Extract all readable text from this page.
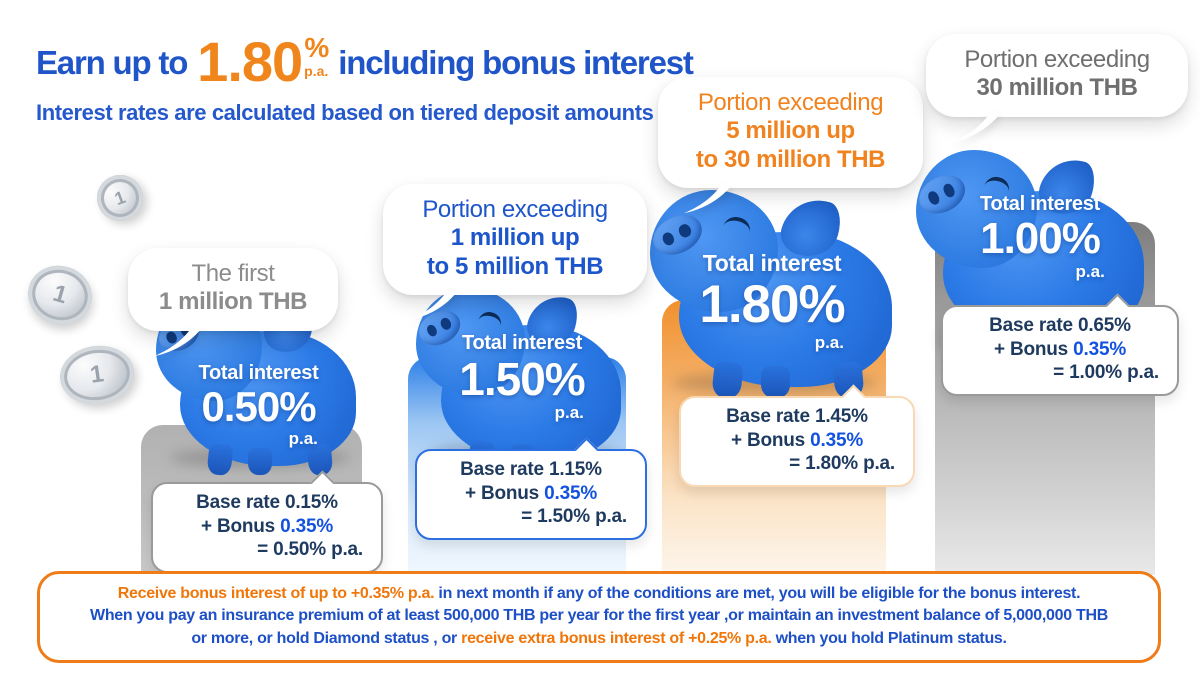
Earn up to 1.80 %
p.a. including bonus interest
Interest rates are calculated based on tiered deposit amounts
1
1
1	Total interest
0.50%
p.a.
The first
1 million THB
Base rate 0.15%
+ Bonus 0.35%
= 0.50% p.a.
Total interest
1.50%
p.a.
Portion exceeding
1 million up
to 5 million THB
Base rate 1.15%
+ Bonus 0.35%
= 1.50% p.a.
Total interest
1.80%
p.a.
Portion exceeding
5 million up
to 30 million THB
Base rate 1.45%
+ Bonus 0.35%
= 1.80% p.a.
Total interest
1.00%
p.a.
Portion exceeding
30 million THB
Base rate 0.65%
+ Bonus 0.35%
= 1.00% p.a.
Receive bonus interest of up to +0.35% p.a. in next month if any of the conditions are met, you will be eligible for the bonus interest.
When you pay an insurance premium of at least 500,000 THB per year for the first year ,or maintain an investment balance of 5,000,000 THB
or more, or hold Diamond status , or receive extra bonus interest of +0.25% p.a. when you hold Platinum status.
